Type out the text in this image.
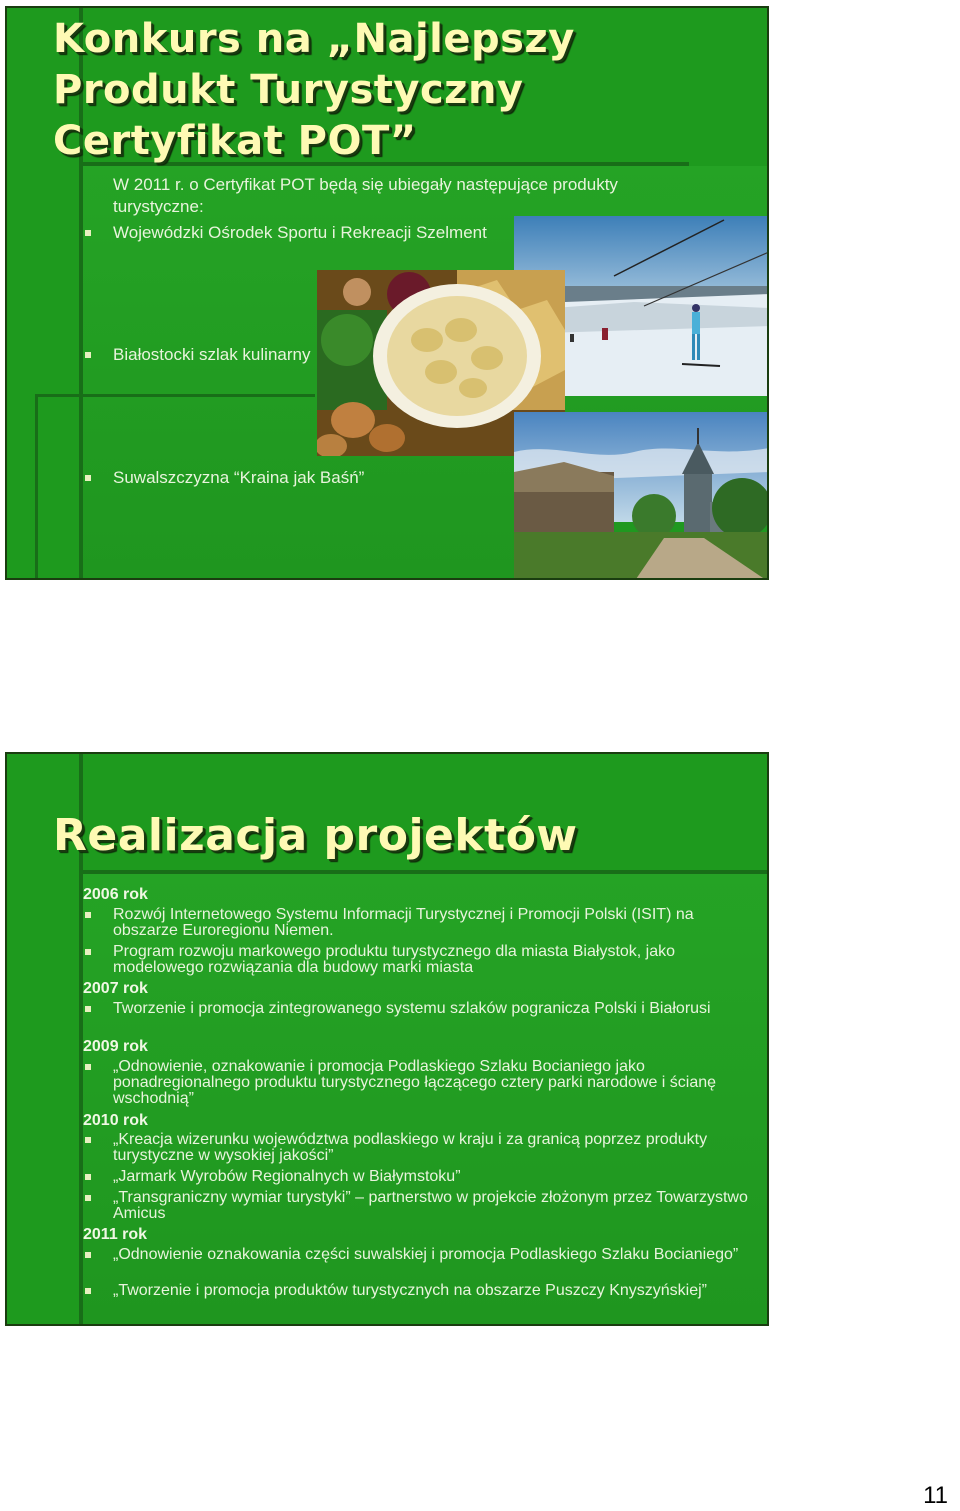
Konkurs na „Najlepszy Produkt Turystyczny Certyfikat POT”
W 2011 r. o Certyfikat POT będą się ubiegały następujące produkty turystyczne:
Wojewódzki Ośrodek Sportu i Rekreacji Szelment
Białostocki szlak kulinarny
Suwalszczyzna “Kraina jak Baśń”
Realizacja projektów
2006 rok
Rozwój Internetowego Systemu Informacji Turystycznej i Promocji Polski (ISIT) na obszarze Euroregionu Niemen.
Program rozwoju markowego produktu turystycznego dla miasta Białystok, jako modelowego rozwiązania dla budowy marki miasta
2007 rok
Tworzenie i promocja zintegrowanego systemu szlaków pogranicza Polski i Białorusi
2009 rok
„Odnowienie, oznakowanie i promocja Podlaskiego Szlaku Bocianiego jako ponadregionalnego produktu turystycznego łączącego cztery parki narodowe i ścianę wschodnią”
2010 rok
„Kreacja wizerunku województwa podlaskiego w kraju i za granicą poprzez produkty turystyczne w wysokiej jakości”
„Jarmark Wyrobów Regionalnych w Białymstoku”
„Transgraniczny wymiar turystyki” – partnerstwo w projekcie złożonym przez Towarzystwo Amicus
2011 rok
„Odnowienie oznakowania części suwalskiej i promocja Podlaskiego Szlaku Bocianiego”
„Tworzenie i promocja produktów turystycznych na obszarze Puszczy Knyszyńskiej”
11
